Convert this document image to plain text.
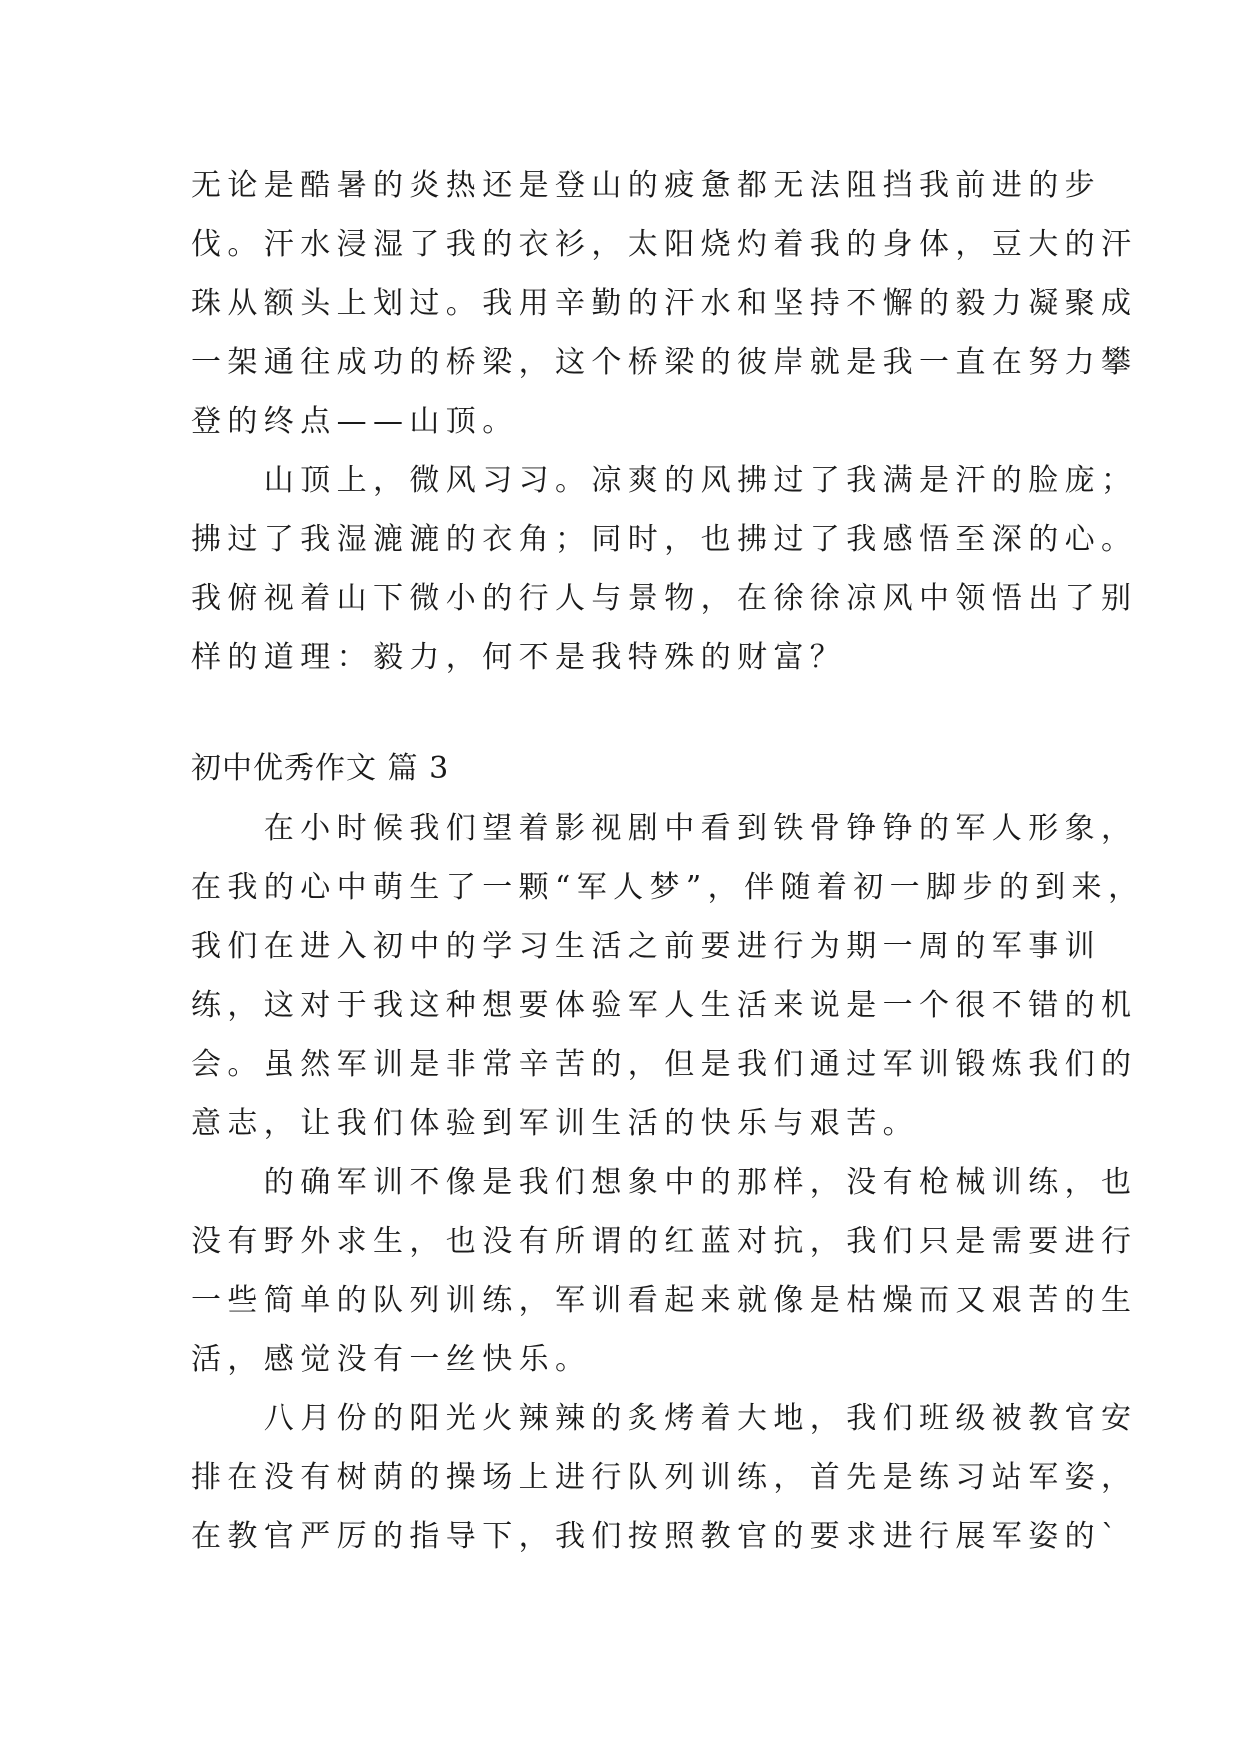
无论是酷暑的炎热还是登山的疲惫都无法阻挡我前进的步
伐。汗水浸湿了我的衣衫，太阳烧灼着我的身体，豆大的汗
珠从额头上划过。我用辛勤的汗水和坚持不懈的毅力凝聚成
一架通往成功的桥梁，这个桥梁的彼岸就是我一直在努力攀
登的终点——山顶。
　　山顶上，微风习习。凉爽的风拂过了我满是汗的脸庞；
拂过了我湿漉漉的衣角；同时，也拂过了我感悟至深的心。
我俯视着山下微小的行人与景物，在徐徐凉风中领悟出了别
样的道理：毅力，何不是我特殊的财富？
初中优秀作文 篇 3
　　在小时候我们望着影视剧中看到铁骨铮铮的军人形象，
在我的心中萌生了一颗“军人梦”，伴随着初一脚步的到来，
我们在进入初中的学习生活之前要进行为期一周的军事训
练，这对于我这种想要体验军人生活来说是一个很不错的机
会。虽然军训是非常辛苦的，但是我们通过军训锻炼我们的
意志，让我们体验到军训生活的快乐与艰苦。
　　的确军训不像是我们想象中的那样，没有枪械训练，也
没有野外求生，也没有所谓的红蓝对抗，我们只是需要进行
一些简单的队列训练，军训看起来就像是枯燥而又艰苦的生
活，感觉没有一丝快乐。
　　八月份的阳光火辣辣的炙烤着大地，我们班级被教官安
排在没有树荫的操场上进行队列训练，首先是练习站军姿，
在教官严厉的指导下，我们按照教官的要求进行展军姿的`
